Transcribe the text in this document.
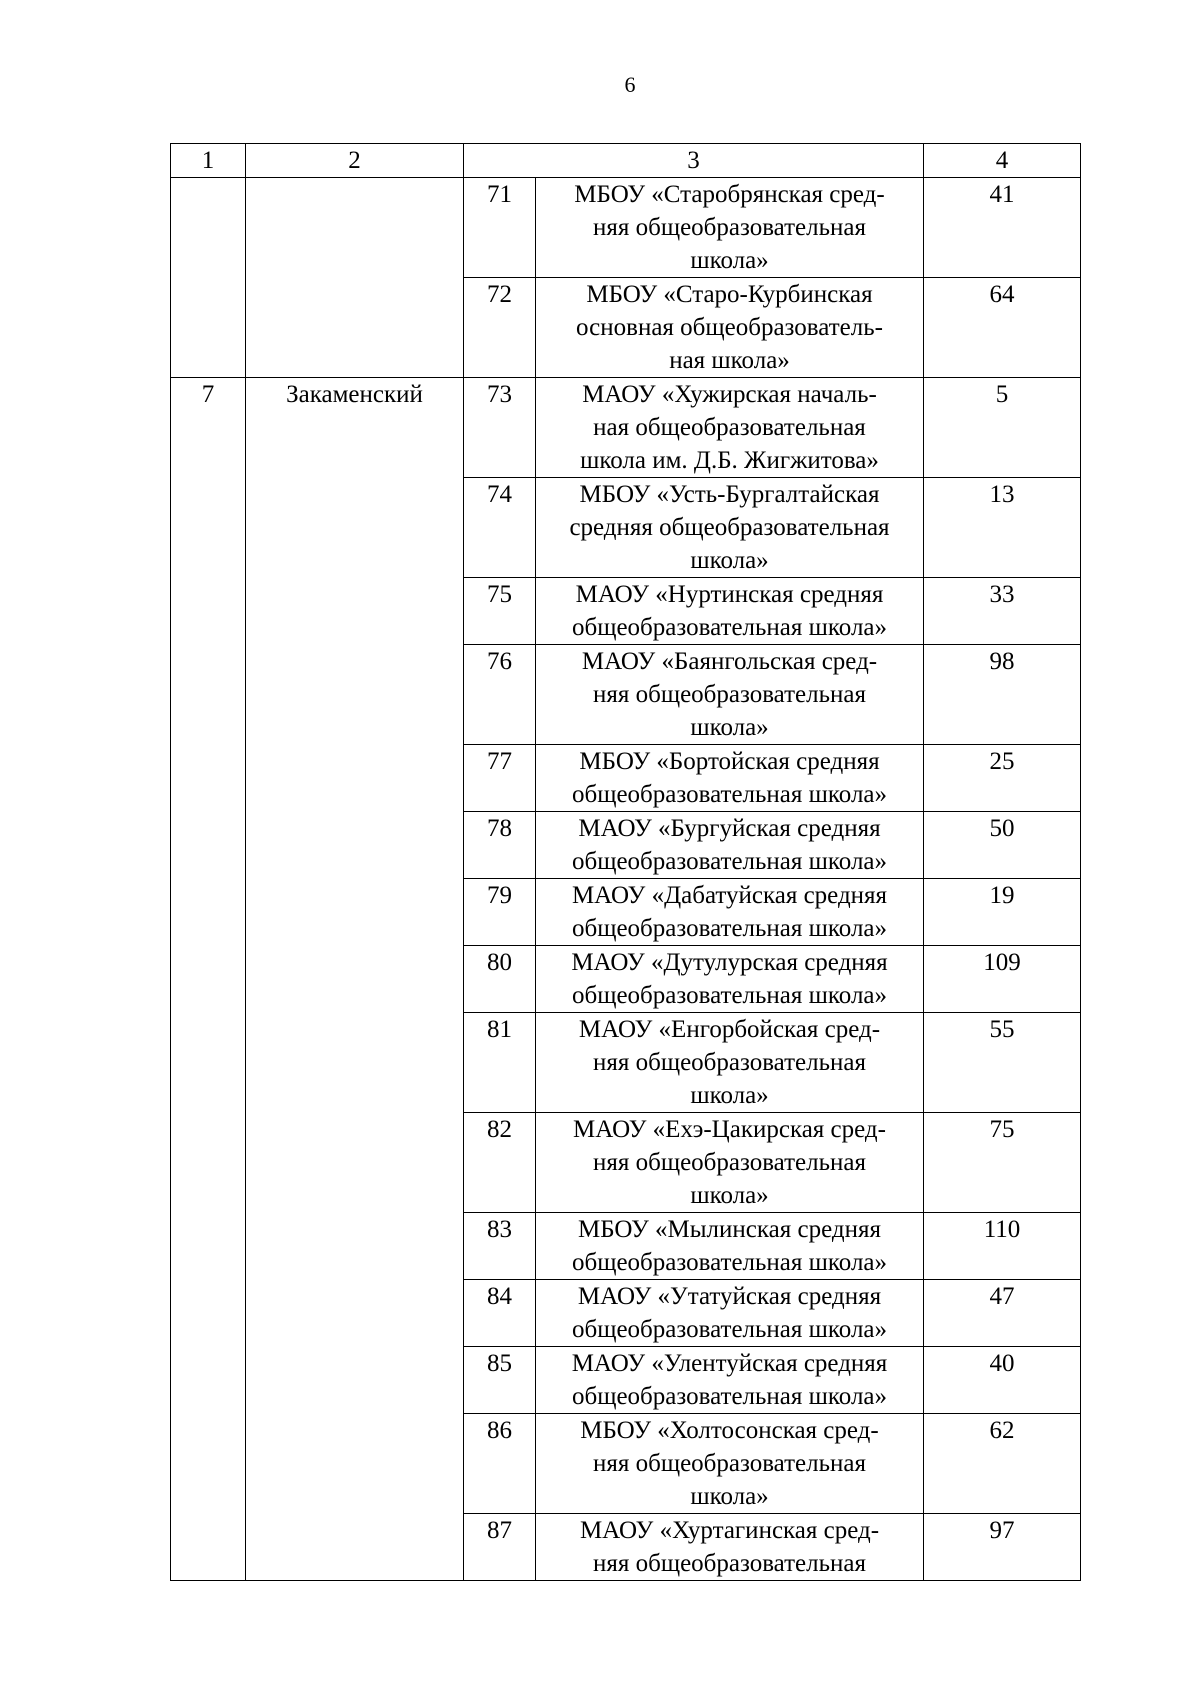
6
1	2	3		4
		71	МБОУ «Старобрянская сред-
няя общеобразовательная
школа»	41
		72	МБОУ «Старо-Курбинская
основная общеобразователь-
ная школа»	64
7	Закаменский	73	МАОУ «Хужирская началь-
ная общеобразовательная
школа им. Д.Б. Жигжитова»	5
		74	МБОУ «Усть-Бургалтайская
средняя общеобразовательная
школа»	13
		75	МАОУ «Нуртинская средняя
общеобразовательная школа»	33
		76	МАОУ «Баянгольская сред-
няя общеобразовательная
школа»	98
		77	МБОУ «Бортойская средняя
общеобразовательная школа»	25
		78	МАОУ «Бургуйская средняя
общеобразовательная школа»	50
		79	МАОУ «Дабатуйская средняя
общеобразовательная школа»	19
		80	МАОУ «Дутулурская средняя
общеобразовательная школа»	109
		81	МАОУ «Енгорбойская сред-
няя общеобразовательная
школа»	55
		82	МАОУ «Ехэ-Цакирская сред-
няя общеобразовательная
школа»	75
		83	МБОУ «Мылинская средняя
общеобразовательная школа»	110
		84	МАОУ «Утатуйская средняя
общеобразовательная школа»	47
		85	МАОУ «Улентуйская средняя
общеобразовательная школа»	40
		86	МБОУ «Холтосонская сред-
няя общеобразовательная
школа»	62
		87	МАОУ «Хуртагинская сред-
няя общеобразовательная	97
